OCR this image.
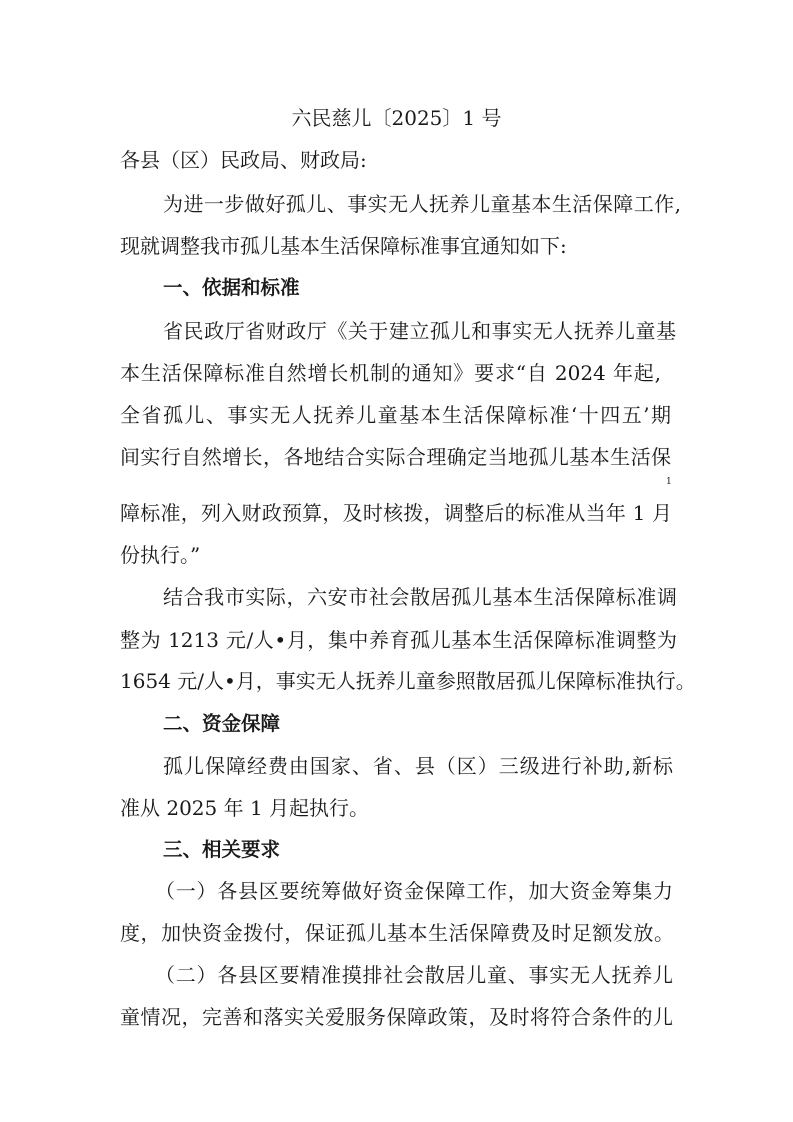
六民慈儿〔2025〕1 号

各县（区）民政局、财政局:

为进一步做好孤儿、事实无人抚养儿童基本生活保障工作,

现就调整我市孤儿基本生活保障标准事宜通知如下:

一、依据和标准

省民政厅省财政厅《关于建立孤儿和事实无人抚养儿童基

本生活保障标准自然增长机制的通知》要求“自 2024 年起,

全省孤儿、事实无人抚养儿童基本生活保障标准‘十四五’期

间实行自然增长，各地结合实际合理确定当地孤儿基本生活保

障标准，列入财政预算，及时核拨，调整后的标准从当年 1 月

份执行。”

结合我市实际，六安市社会散居孤儿基本生活保障标准调

整为 1213 元/人•月，集中养育孤儿基本生活保障标准调整为

1654 元/人•月，事实无人抚养儿童参照散居孤儿保障标准执行。

二、资金保障

孤儿保障经费由国家、省、县（区）三级进行补助,新标

准从 2025 年 1 月起执行。

三、相关要求

（一）各县区要统筹做好资金保障工作，加大资金筹集力

度，加快资金拨付，保证孤儿基本生活保障费及时足额发放。

（二）各县区要精准摸排社会散居儿童、事实无人抚养儿

童情况，完善和落实关爱服务保障政策，及时将符合条件的儿

1
